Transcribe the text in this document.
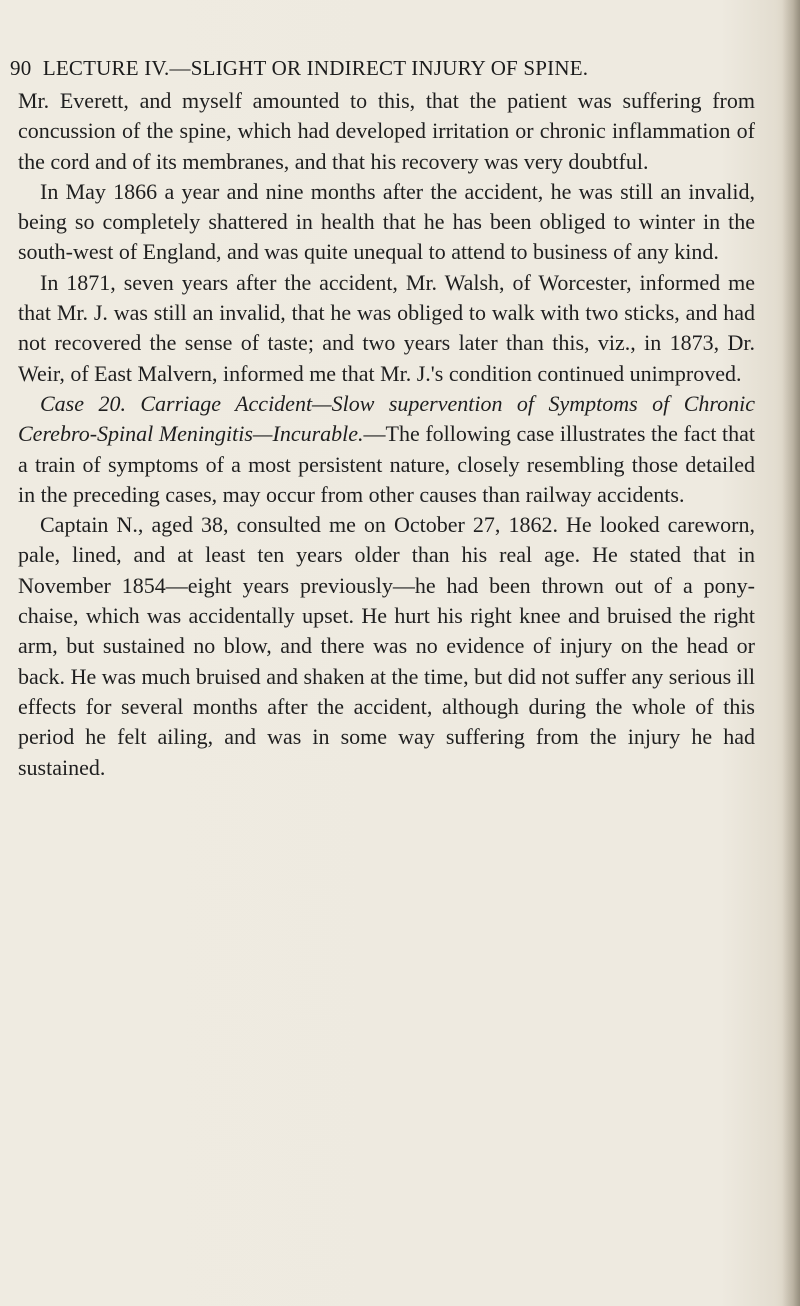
90 LECTURE IV.—SLIGHT OR INDIRECT INJURY OF SPINE.

Mr. Everett, and myself amounted to this, that the patient was suffering from concussion of the spine, which had developed irritation or chronic inflammation of the cord and of its membranes, and that his recovery was very doubtful.

In May 1866 a year and nine months after the accident, he was still an invalid, being so completely shattered in health that he has been obliged to winter in the south-west of England, and was quite unequal to attend to business of any kind.

In 1871, seven years after the accident, Mr. Walsh, of Worcester, informed me that Mr. J. was still an invalid, that he was obliged to walk with two sticks, and had not recovered the sense of taste; and two years later than this, viz., in 1873, Dr. Weir, of East Malvern, informed me that Mr. J.'s condition continued unimproved.

Case 20. Carriage Accident—Slow supervention of Symptoms of Chronic Cerebro-Spinal Meningitis—Incurable.—The following case illustrates the fact that a train of symptoms of a most persistent nature, closely resembling those detailed in the preceding cases, may occur from other causes than railway accidents.

Captain N., aged 38, consulted me on October 27, 1862. He looked careworn, pale, lined, and at least ten years older than his real age. He stated that in November 1854—eight years previously—he had been thrown out of a pony-chaise, which was accidentally upset. He hurt his right knee and bruised the right arm, but sustained no blow, and there was no evidence of injury on the head or back. He was much bruised and shaken at the time, but did not suffer any serious ill effects for several months after the accident, although during the whole of this period he felt ailing, and was in some way suffering from the injury he had sustained.
